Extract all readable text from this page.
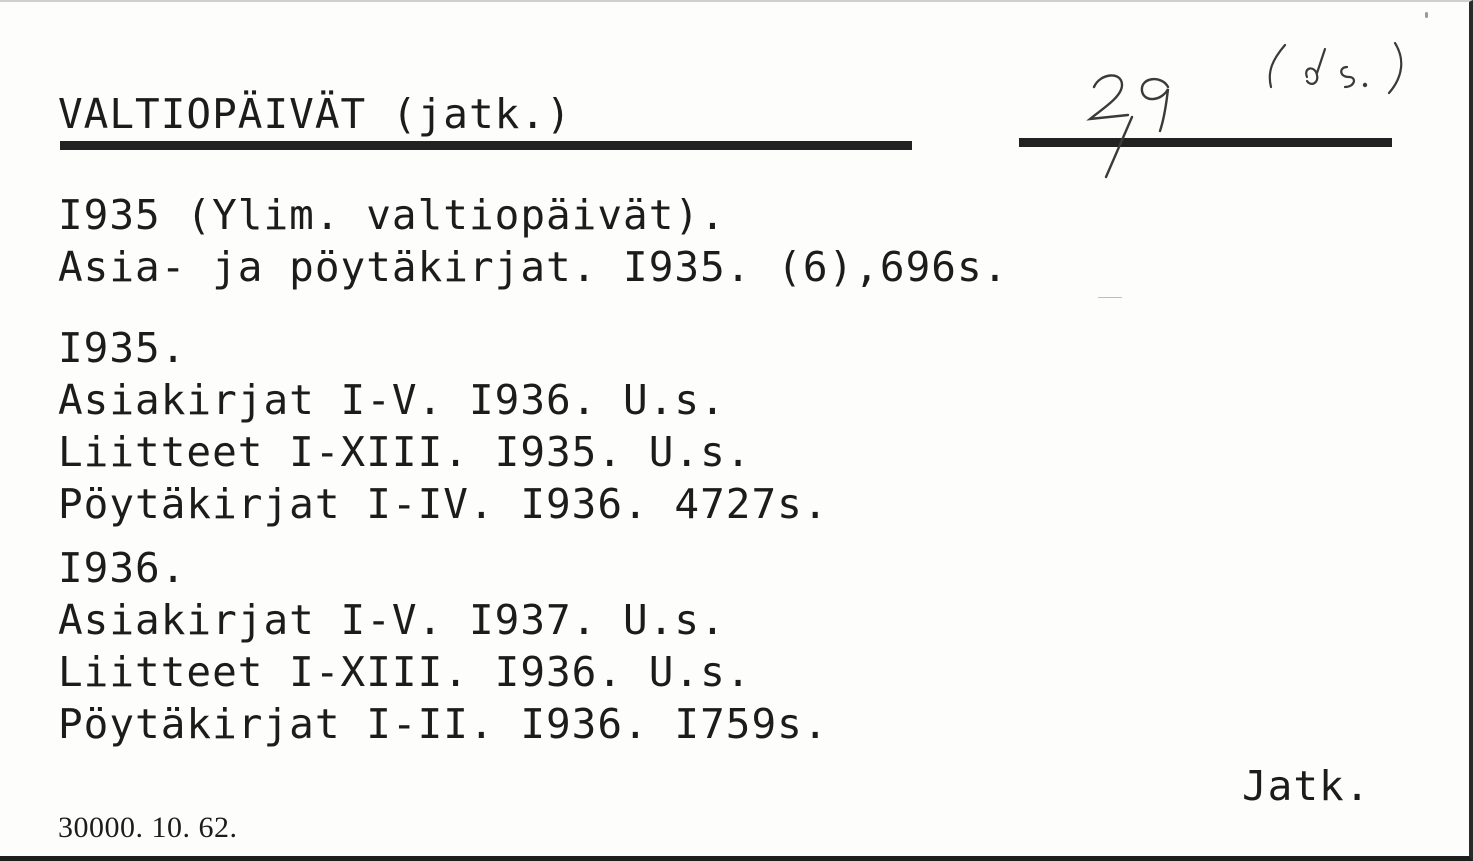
VALTIOPÄIVÄT (jatk.)
I935 (Ylim. valtiopäivät).
Asia- ja pöytäkirjat. I935. (6),696s.
I935.
Asiakirjat I-V. I936. U.s.
Liitteet I-XIII. I935. U.s.
Pöytäkirjat I-IV. I936. 4727s.
I936.
Asiakirjat I-V. I937. U.s.
Liitteet I-XIII. I936. U.s.
Pöytäkirjat I-II. I936. I759s.
Jatk.
30000. 10. 62.
